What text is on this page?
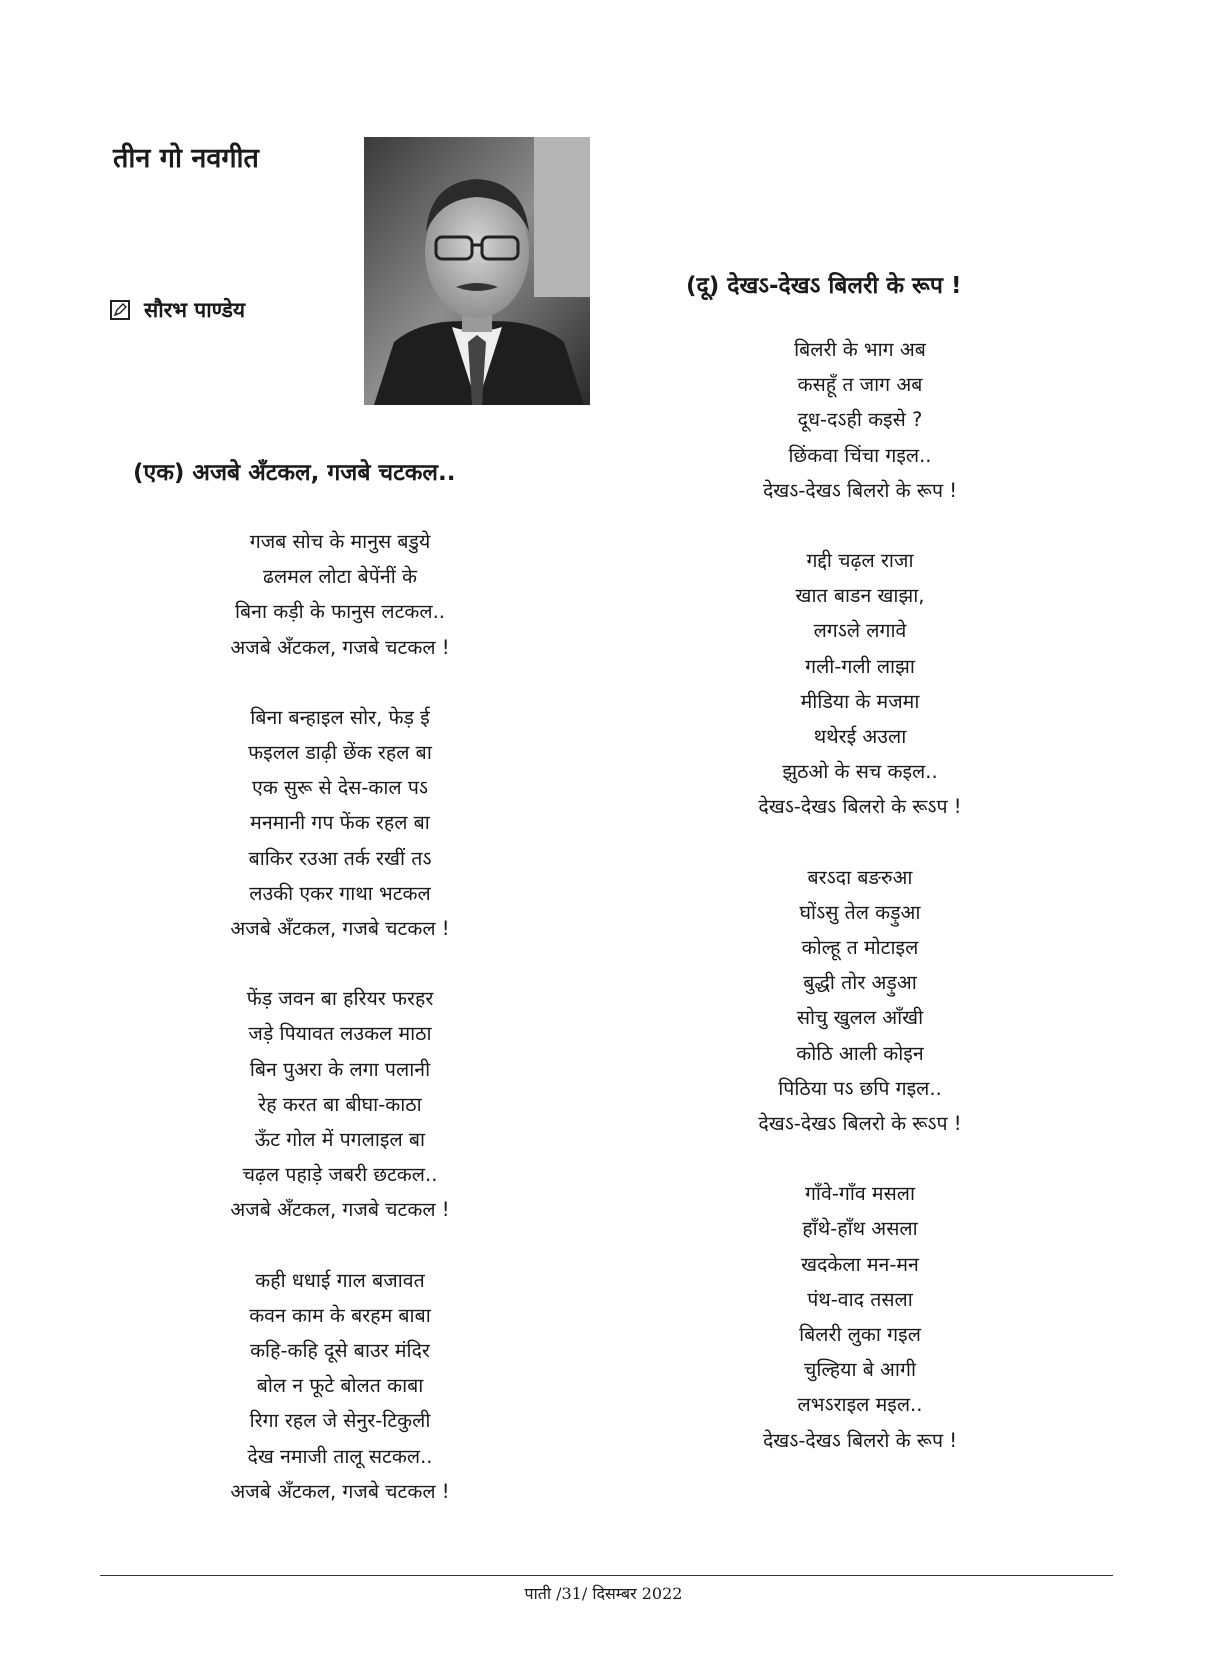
तीन गो नवगीत
सौरभ पाण्डेय
(एक) अजबे अँटकल, गजबे चटकल..
गजब सोच के मानुस बडुये
ढलमल लोटा बेपेंनीं के
बिना कड़ी के फानुस लटकल..
अजबे अँटकल, गजबे चटकल !
बिना बन्हाइल सोर, फेड़ ई
फइलल डाढ़ी छेंक रहल बा
एक सुरू से देस-काल पऽ
मनमानी गप फेंक रहल बा
बाकिर रउआ तर्क रखीं तऽ
लउकी एकर गाथा भटकल
अजबे अँटकल, गजबे चटकल !
फेंड़ जवन बा हरियर फरहर
जड़े पियावत लउकल माठा
बिन पुअरा के लगा पलानी
रेह करत बा बीघा-काठा
ऊँट गोल में पगलाइल बा
चढ़ल पहाड़े जबरी छटकल..
अजबे अँटकल, गजबे चटकल !
कही धधाई गाल बजावत
कवन काम के बरहम बाबा
कहि-कहि दूसे बाउर मंदिर
बोल न फूटे बोलत काबा
रिगा रहल जे सेनुर-टिकुली
देख नमाजी तालू सटकल..
अजबे अँटकल, गजबे चटकल !
(दू) देखऽ-देखऽ बिलरी के रूप !
बिलरी के भाग अब
कसहूँ त जाग अब
दूध-दऽही कइसे ?
छिंकवा चिंचा गइल..
देखऽ-देखऽ बिलरो के रूप !
गद्दी चढ़ल राजा
खात बाडन खाझा,
लगऽले लगावे
गली-गली लाझा
मीडिया के मजमा
थथेरई अउला
झुठओ के सच कइल..
देखऽ-देखऽ बिलरो के रूऽप !
बरऽदा बङरुआ
घोंऽसु तेल कड़ुआ
कोल्हू त मोटाइल
बुद्धी तोर अड़ुआ
सोचु खुलल आँखी
कोठि आली कोइन
पिठिया पऽ छपि गइल..
देखऽ-देखऽ बिलरो के रूऽप !
गाँवे-गाँव मसला
हाँथे-हाँथ असला
खदकेला मन-मन
पंथ-वाद तसला
बिलरी लुका गइल
चुल्हिया बे आगी
लभऽराइल मइल..
देखऽ-देखऽ बिलरो के रूप !
पाती /31/ दिसम्बर 2022
